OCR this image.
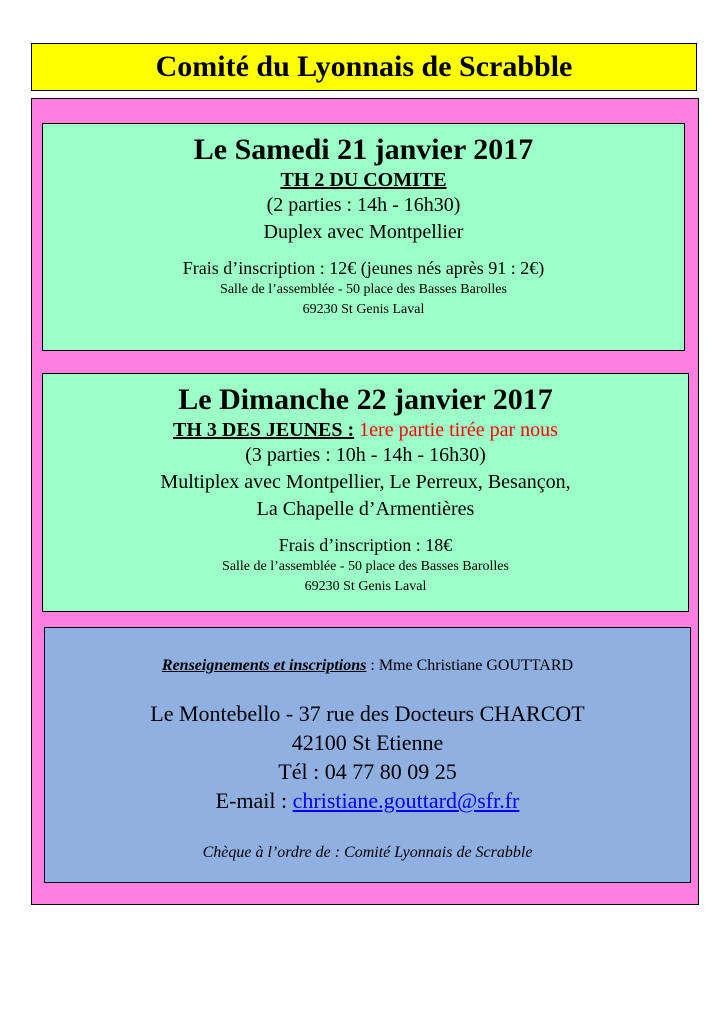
Comité du Lyonnais de Scrabble
Le Samedi 21 janvier 2017
TH 2 DU COMITE
(2 parties : 14h - 16h30)
Duplex avec Montpellier
Frais d’inscription : 12€ (jeunes nés après 91 : 2€)
Salle de l’assemblée - 50 place des Basses Barolles
69230 St Genis Laval
Le Dimanche 22 janvier 2017
TH 3 DES JEUNES : 1ere partie tirée par nous
(3 parties : 10h - 14h - 16h30)
Multiplex avec Montpellier, Le Perreux, Besançon,
La Chapelle d’Armentières
Frais d’inscription : 18€
Salle de l’assemblée - 50 place des Basses Barolles
69230 St Genis Laval
Renseignements et inscriptions : Mme Christiane GOUTTARD
Le Montebello - 37 rue des Docteurs CHARCOT
42100 St Etienne
Tél : 04 77 80 09 25
E-mail : christiane.gouttard@sfr.fr
Chèque à l’ordre de : Comité Lyonnais de Scrabble
